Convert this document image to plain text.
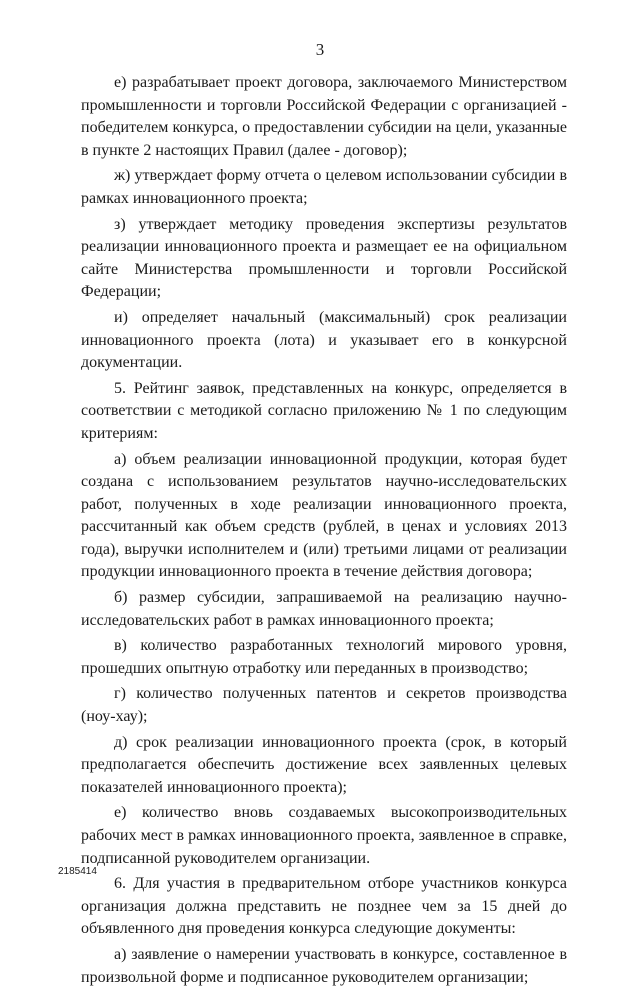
3

е) разрабатывает проект договора, заключаемого Министерством промышленности и торговли Российской Федерации с организацией - победителем конкурса, о предоставлении субсидии на цели, указанные в пункте 2 настоящих Правил (далее - договор);

ж) утверждает форму отчета о целевом использовании субсидии в рамках инновационного проекта;

з) утверждает методику проведения экспертизы результатов реализации инновационного проекта и размещает ее на официальном сайте Министерства промышленности и торговли Российской Федерации;

и) определяет начальный (максимальный) срок реализации инновационного проекта (лота) и указывает его в конкурсной документации.

5. Рейтинг заявок, представленных на конкурс, определяется в соответствии с методикой согласно приложению № 1 по следующим критериям:

а) объем реализации инновационной продукции, которая будет создана с использованием результатов научно-исследовательских работ, полученных в ходе реализации инновационного проекта, рассчитанный как объем средств (рублей, в ценах и условиях 2013 года), выручки исполнителем и (или) третьими лицами от реализации продукции инновационного проекта в течение действия договора;

б) размер субсидии, запрашиваемой на реализацию научно-исследовательских работ в рамках инновационного проекта;

в) количество разработанных технологий мирового уровня, прошедших опытную отработку или переданных в производство;

г) количество полученных патентов и секретов производства (ноу-хау);

д) срок реализации инновационного проекта (срок, в который предполагается обеспечить достижение всех заявленных целевых показателей инновационного проекта);

е) количество вновь создаваемых высокопроизводительных рабочих мест в рамках инновационного проекта, заявленное в справке, подписанной руководителем организации.

6. Для участия в предварительном отборе участников конкурса организация должна представить не позднее чем за 15 дней до объявленного дня проведения конкурса следующие документы:

а) заявление о намерении участвовать в конкурсе, составленное в произвольной форме и подписанное руководителем организации;

2185414
